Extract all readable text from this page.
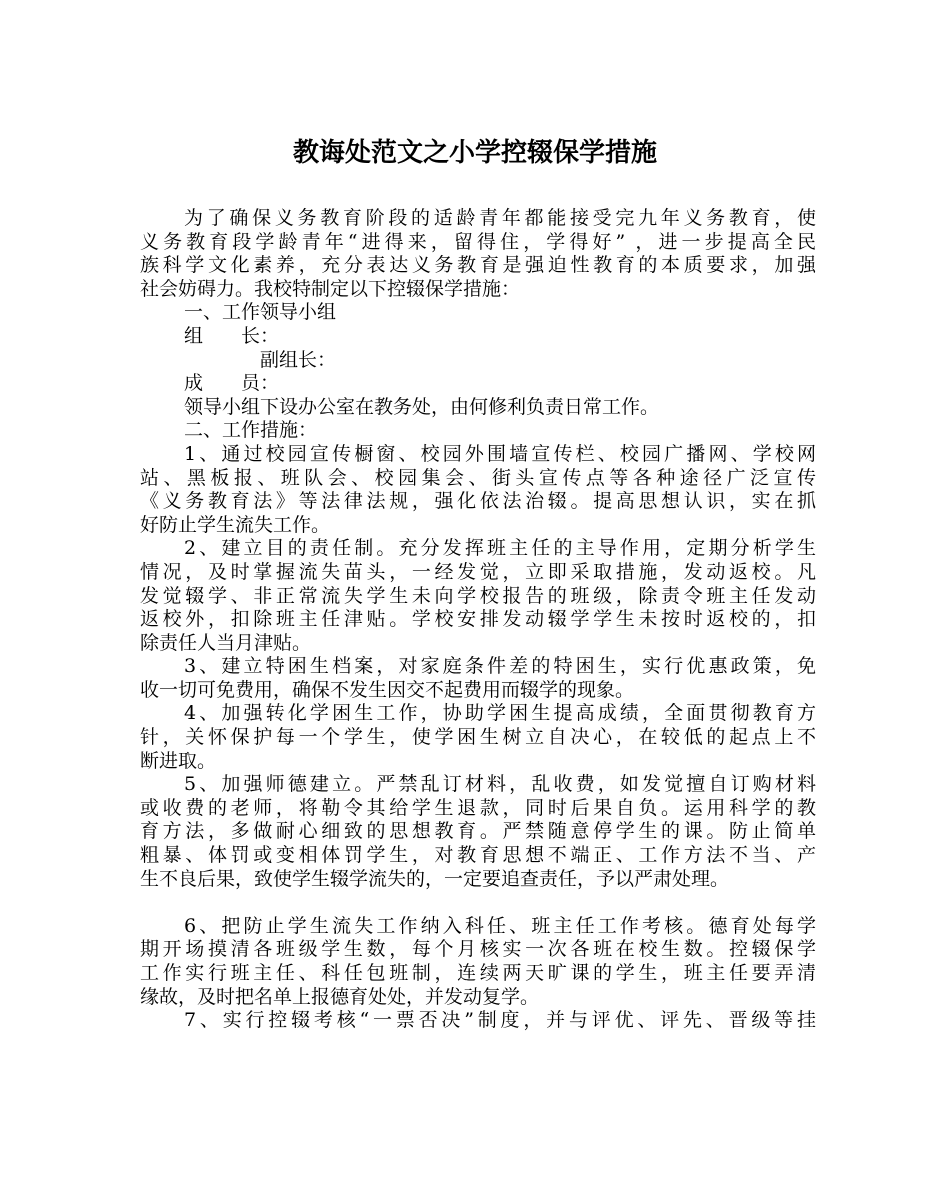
教诲处范文之小学控辍保学措施
为了确保义务教育阶段的适龄青年都能接受完九年义务教育，使
义务教育段学龄青年“进得来，留得住，学得好” ，进一步提高全民
族科学文化素养，充分表达义务教育是强迫性教育的本质要求，加强
社会妨碍力。我校特制定以下控辍保学措施：
一、工作领导小组
组　　长：
副组长：
成　　员：
领导小组下设办公室在教务处，由何修利负责日常工作。
二、工作措施：
1、通过校园宣传橱窗、校园外围墙宣传栏、校园广播网、学校网
站、黑板报、班队会、校园集会、街头宣传点等各种途径广泛宣传
《义务教育法》等法律法规，强化依法治辍。提高思想认识，实在抓
好防止学生流失工作。
2、建立目的责任制。充分发挥班主任的主导作用，定期分析学生
情况，及时掌握流失苗头，一经发觉，立即采取措施，发动返校。凡
发觉辍学、非正常流失学生未向学校报告的班级，除责令班主任发动
返校外，扣除班主任津贴。学校安排发动辍学学生未按时返校的，扣
除责任人当月津贴。
3、建立特困生档案，对家庭条件差的特困生，实行优惠政策，免
收一切可免费用，确保不发生因交不起费用而辍学的现象。
4、加强转化学困生工作，协助学困生提高成绩，全面贯彻教育方
针，关怀保护每一个学生，使学困生树立自决心，在较低的起点上不
断进取。
5、加强师德建立。严禁乱订材料，乱收费，如发觉擅自订购材料
或收费的老师，将勒令其给学生退款，同时后果自负。运用科学的教
育方法，多做耐心细致的思想教育。严禁随意停学生的课。防止简单
粗暴、体罚或变相体罚学生，对教育思想不端正、工作方法不当、产
生不良后果，致使学生辍学流失的，一定要追查责任，予以严肃处理。
6、把防止学生流失工作纳入科任、班主任工作考核。德育处每学
期开场摸清各班级学生数，每个月核实一次各班在校生数。控辍保学
工作实行班主任、科任包班制，连续两天旷课的学生，班主任要弄清
缘故，及时把名单上报德育处处，并发动复学。
7、实行控辍考核“一票否决”制度，并与评优、评先、晋级等挂
